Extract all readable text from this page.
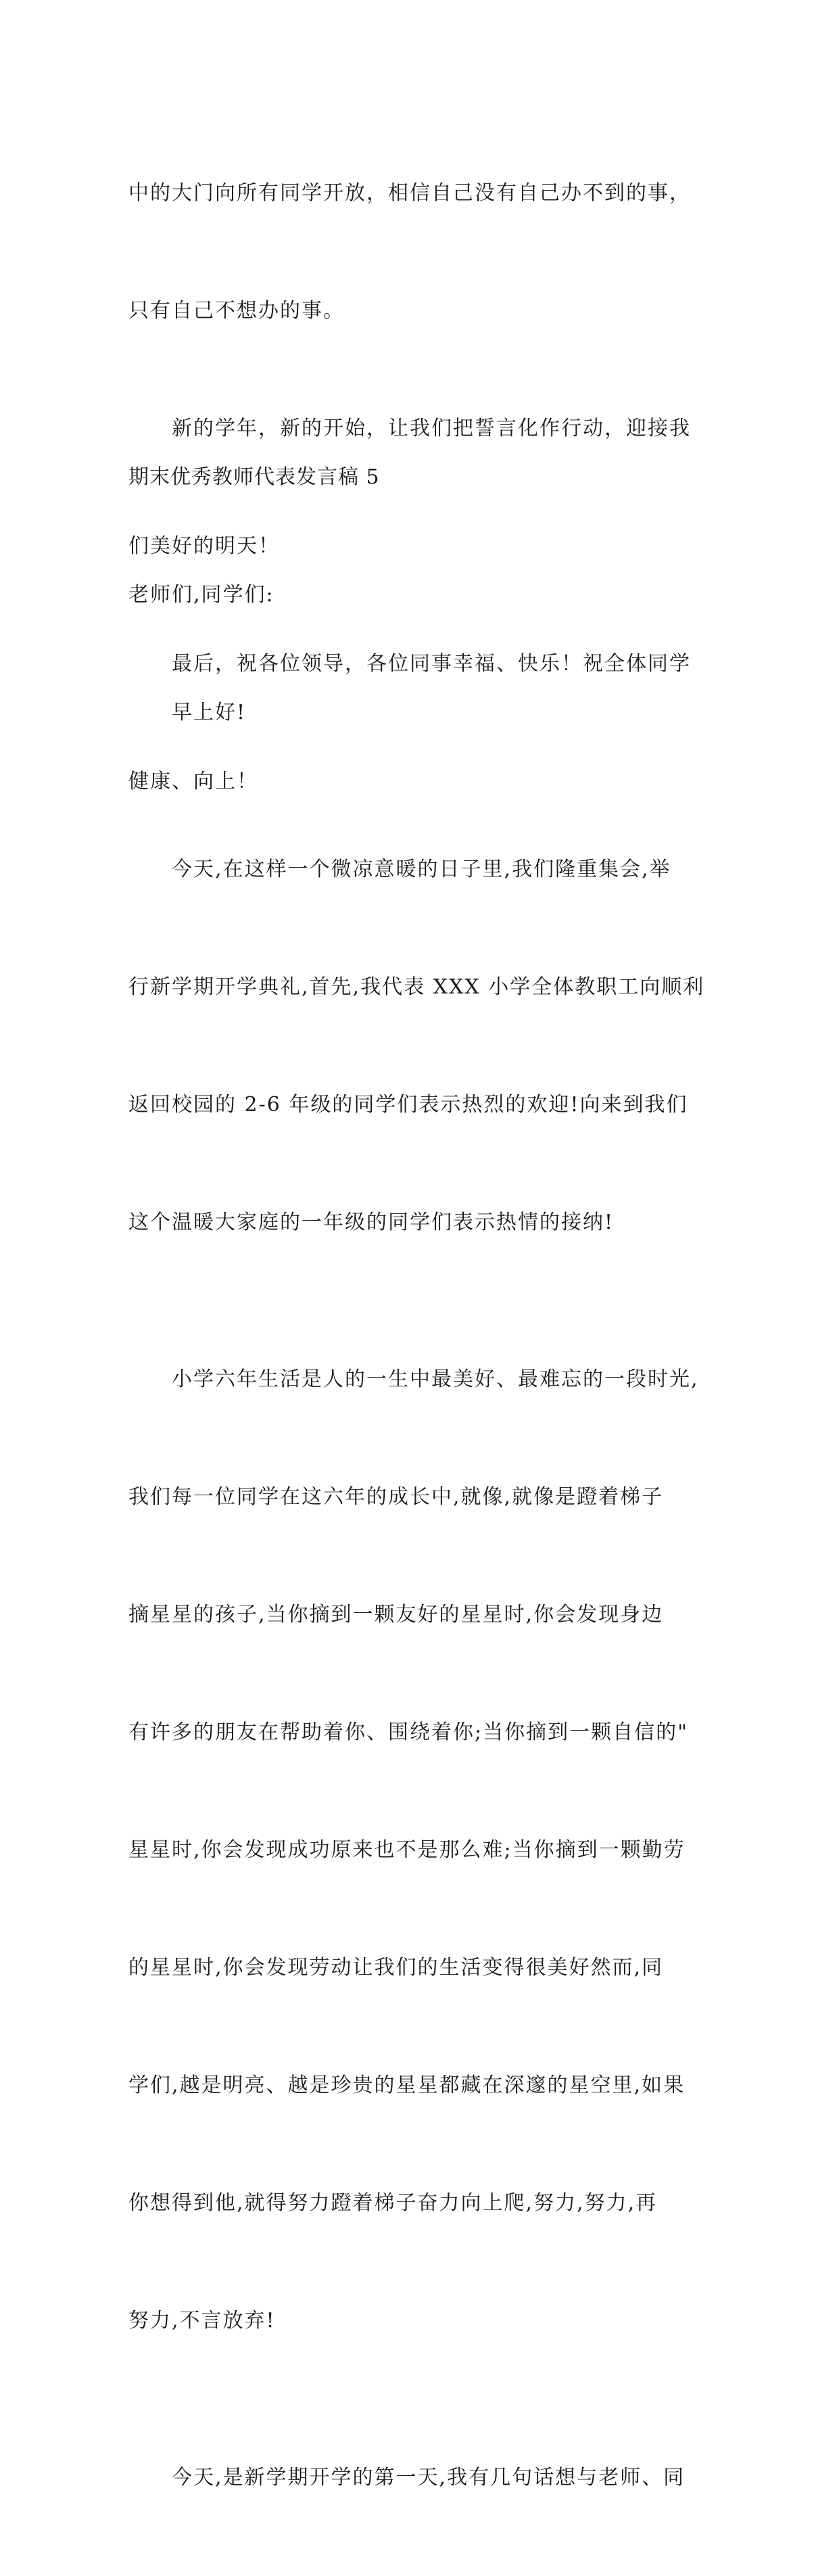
中的大门向所有同学开放，相信自己没有自己办不到的事，

只有自己不想办的事。

新的学年，新的开始，让我们把誓言化作行动，迎接我

们美好的明天！

最后，祝各位领导，各位同事幸福、快乐！祝全体同学

健康、向上！

期末优秀教师代表发言稿 5

老师们,同学们:

早上好!

今天,在这样一个微凉意暖的日子里,我们隆重集会,举

行新学期开学典礼,首先,我代表 XXX 小学全体教职工向顺利

返回校园的 2-6 年级的同学们表示热烈的欢迎!向来到我们

这个温暖大家庭的一年级的同学们表示热情的接纳!

小学六年生活是人的一生中最美好、最难忘的一段时光,

我们每一位同学在这六年的成长中,就像,就像是蹬着梯子

摘星星的孩子,当你摘到一颗友好的星星时,你会发现身边

有许多的朋友在帮助着你、围绕着你;当你摘到一颗自信的"

星星时,你会发现成功原来也不是那么难;当你摘到一颗勤劳

的星星时,你会发现劳动让我们的生活变得很美好然而,同

学们,越是明亮、越是珍贵的星星都藏在深邃的星空里,如果

你想得到他,就得努力蹬着梯子奋力向上爬,努力,努力,再

努力,不言放弃!

今天,是新学期开学的第一天,我有几句话想与老师、同
